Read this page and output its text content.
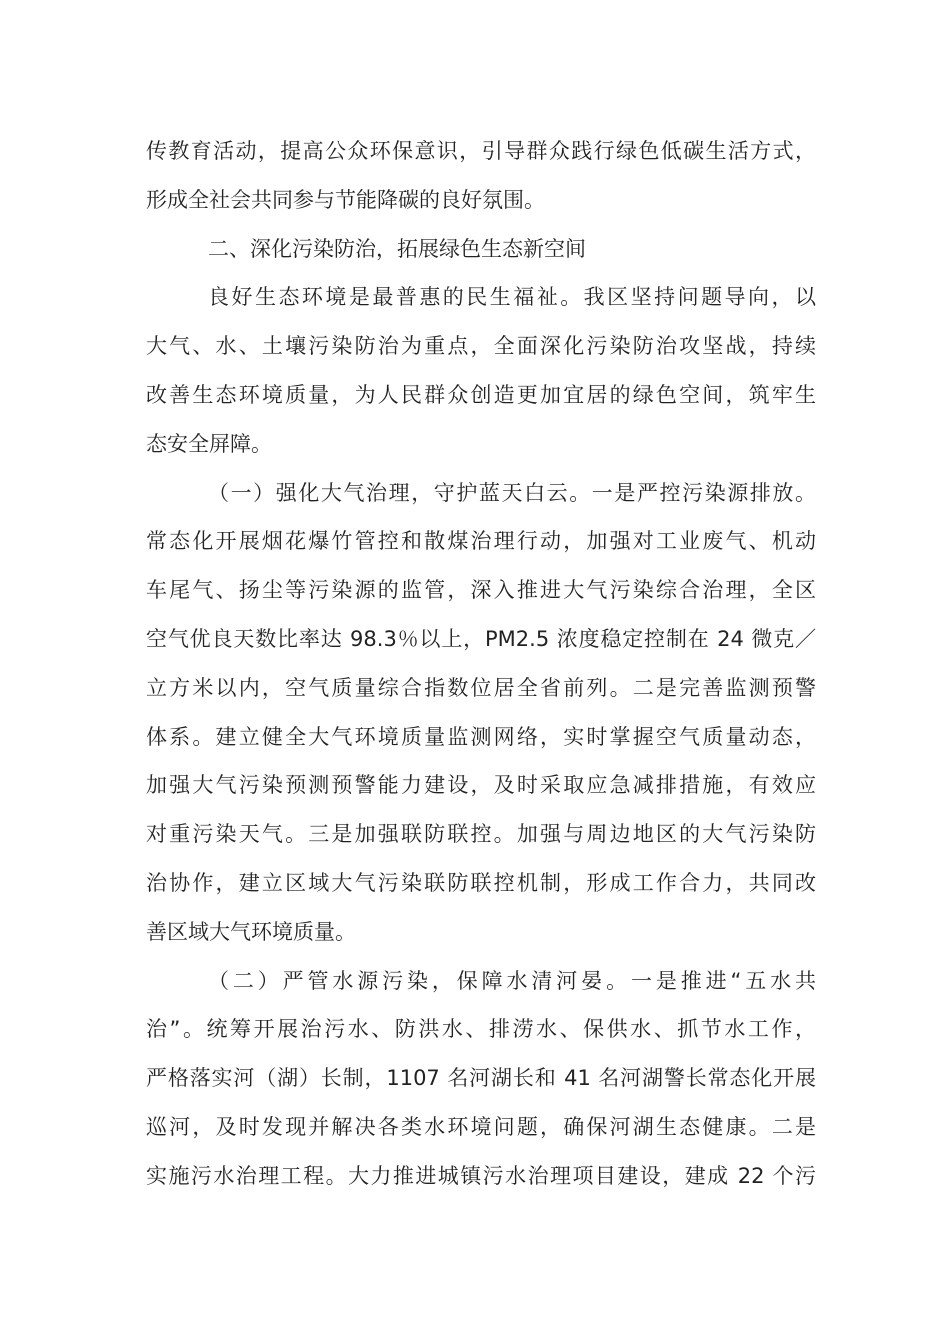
传教育活动，提高公众环保意识，引导群众践行绿色低碳生活方式，
形成全社会共同参与节能降碳的良好氛围。
二、深化污染防治，拓展绿色生态新空间
良好生态环境是最普惠的民生福祉。我区坚持问题导向，以
大气、水、土壤污染防治为重点，全面深化污染防治攻坚战，持续
改善生态环境质量，为人民群众创造更加宜居的绿色空间，筑牢生
态安全屏障。
（一）强化大气治理，守护蓝天白云。一是严控污染源排放。
常态化开展烟花爆竹管控和散煤治理行动，加强对工业废气、机动
车尾气、扬尘等污染源的监管，深入推进大气污染综合治理，全区
空气优良天数比率达 98.3％以上，PM2.5 浓度稳定控制在 24 微克／
立方米以内，空气质量综合指数位居全省前列。二是完善监测预警
体系。建立健全大气环境质量监测网络，实时掌握空气质量动态，
加强大气污染预测预警能力建设，及时采取应急减排措施，有效应
对重污染天气。三是加强联防联控。加强与周边地区的大气污染防
治协作，建立区域大气污染联防联控机制，形成工作合力，共同改
善区域大气环境质量。
（二）严管水源污染，保障水清河晏。一是推进“五水共
治”。统筹开展治污水、防洪水、排涝水、保供水、抓节水工作，
严格落实河（湖）长制，1107 名河湖长和 41 名河湖警长常态化开展
巡河，及时发现并解决各类水环境问题，确保河湖生态健康。二是
实施污水治理工程。大力推进城镇污水治理项目建设，建成 22 个污
